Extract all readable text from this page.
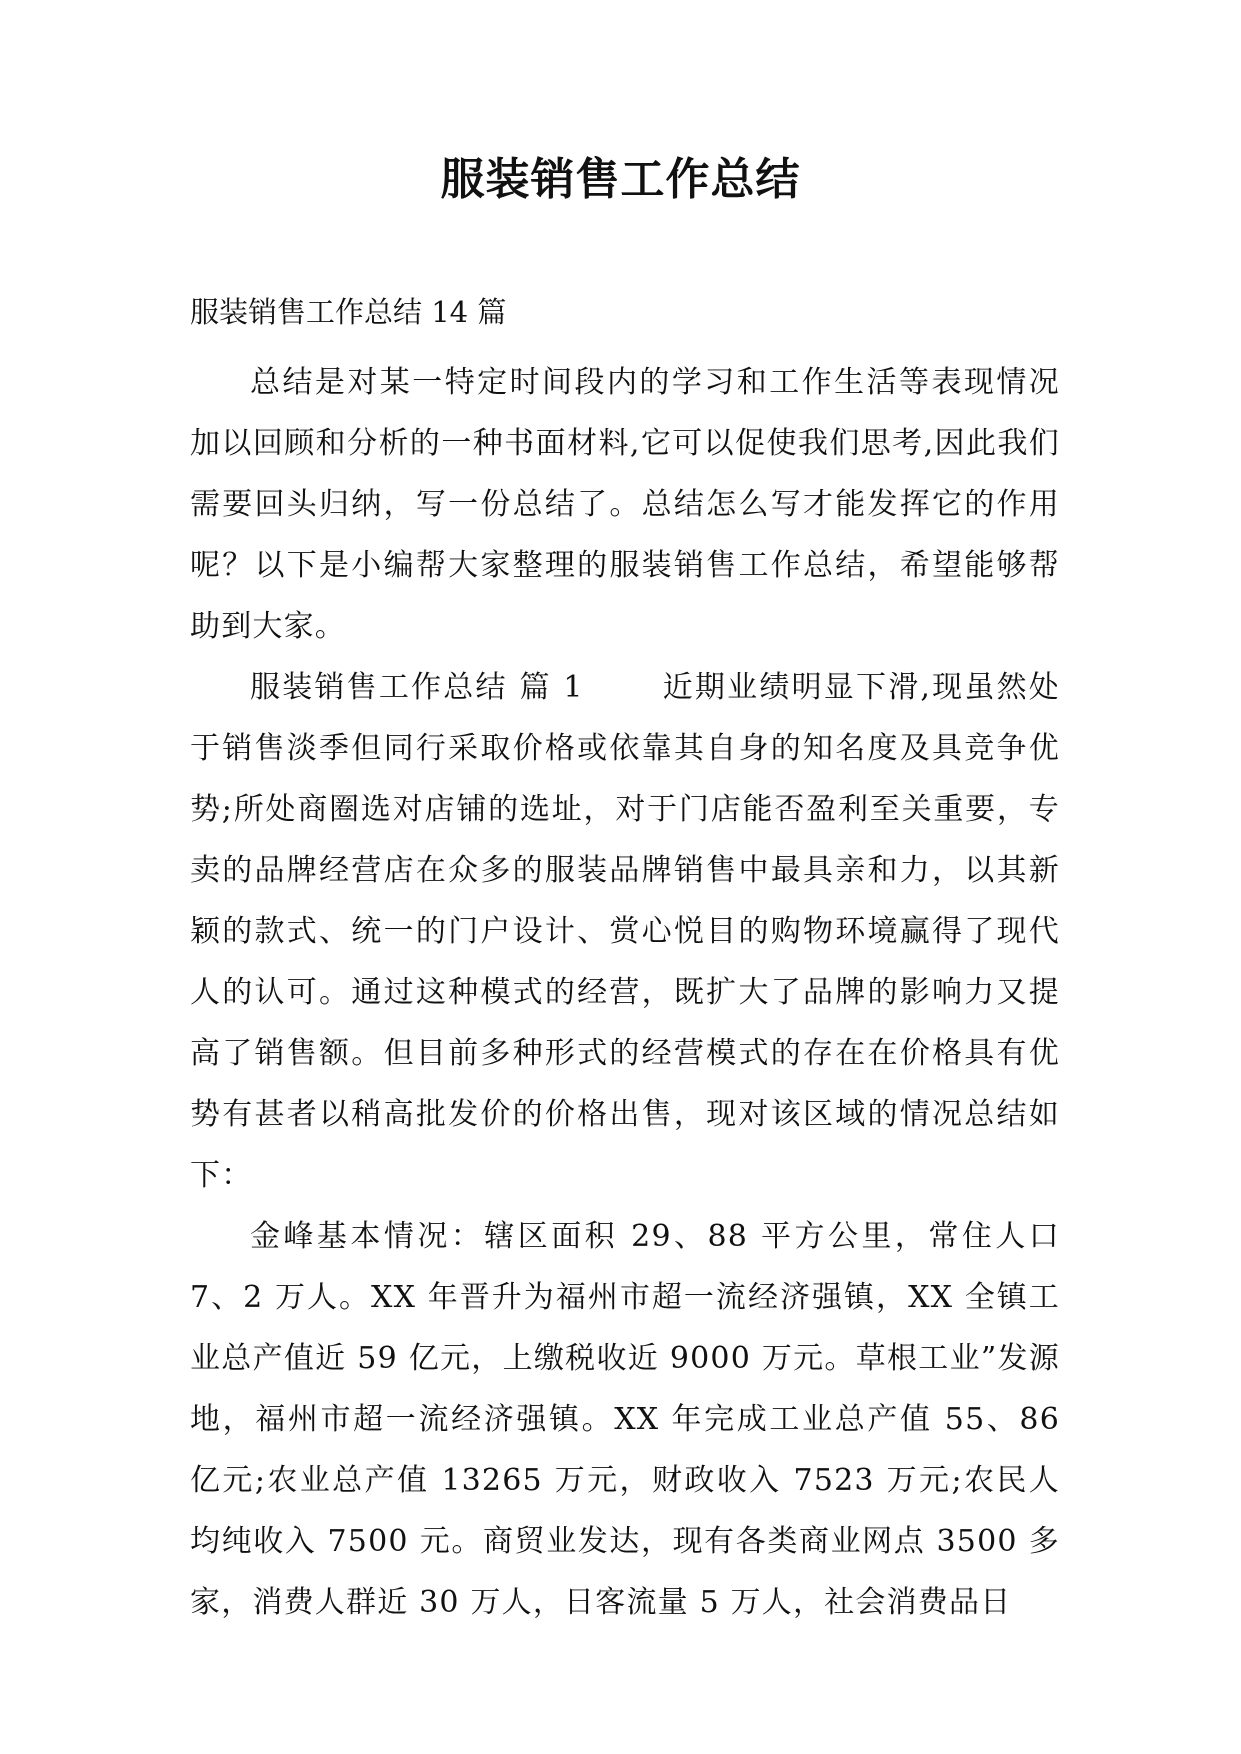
服装销售工作总结

服装销售工作总结 14 篇

总结是对某一特定时间段内的学习和工作生活等表现情况加以回顾和分析的一种书面材料,它可以促使我们思考,因此我们需要回头归纳，写一份总结了。总结怎么写才能发挥它的作用呢？以下是小编帮大家整理的服装销售工作总结，希望能够帮助到大家。

服装销售工作总结 篇 1	近期业绩明显下滑,现虽然处于销售淡季但同行采取价格或依靠其自身的知名度及具竞争优势;所处商圈选对店铺的选址，对于门店能否盈利至关重要，专卖的品牌经营店在众多的服装品牌销售中最具亲和力，以其新颖的款式、统一的门户设计、赏心悦目的购物环境赢得了现代人的认可。通过这种模式的经营，既扩大了品牌的影响力又提高了销售额。但目前多种形式的经营模式的存在在价格具有优势有甚者以稍高批发价的价格出售，现对该区域的情况总结如下：

金峰基本情况：辖区面积 29、88 平方公里，常住人口 7、2 万人。XX 年晋升为福州市超一流经济强镇，XX 全镇工业总产值近 59 亿元，上缴税收近 9000 万元。草根工业”发源地，福州市超一流经济强镇。XX 年完成工业总产值 55、86 亿元;农业总产值 13265 万元，财政收入 7523 万元;农民人均纯收入 7500 元。商贸业发达，现有各类商业网点 3500 多家，消费人群近 30 万人，日客流量 5 万人，社会消费品日
